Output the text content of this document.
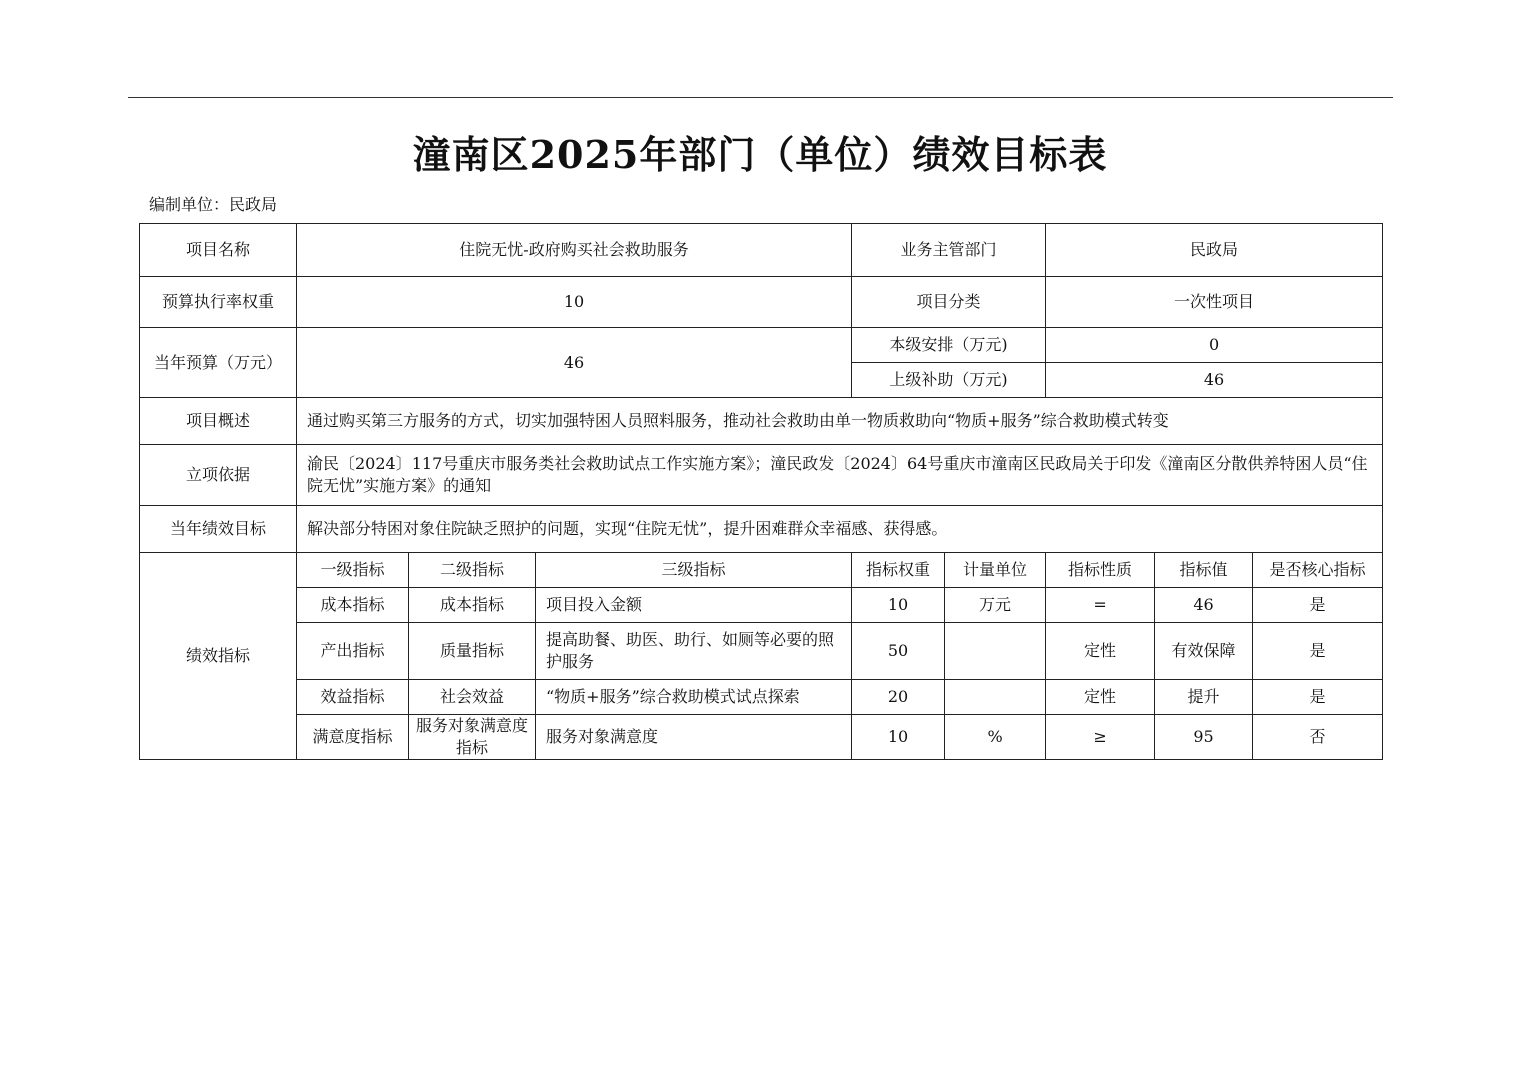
潼南区2025年部门（单位）绩效目标表
编制单位：民政局
项目名称	住院无忧-政府购买社会救助服务			业务主管部门		民政局		
预算执行率权重	10			项目分类		一次性项目		
当年预算（万元）	46			本级安排（万元)		0		
				上级补助（万元)		46		
项目概述	通过购买第三方服务的方式，切实加强特困人员照料服务，推动社会救助由单一物质救助向“物质+服务”综合救助模式转变							
立项依据	渝民〔2024〕117号重庆市服务类社会救助试点工作实施方案》；潼民政发〔2024〕64号重庆市潼南区民政局关于印发《潼南区分散供养特困人员“住院无忧”实施方案》的通知							
当年绩效目标	解决部分特困对象住院缺乏照护的问题，实现“住院无忧”，提升困难群众幸福感、获得感。							
绩效指标	一级指标	二级指标	三级指标	指标权重	计量单位	指标性质	指标值	是否核心指标
	成本指标	成本指标	项目投入金额	10	万元	=	46	是
	产出指标	质量指标	提高助餐、助医、助行、如厕等必要的照护服务	50		定性	有效保障	是
	效益指标	社会效益	“物质+服务”综合救助模式试点探索	20		定性	提升	是
	满意度指标	服务对象满意度指标	服务对象满意度	10	%	≥	95	否
